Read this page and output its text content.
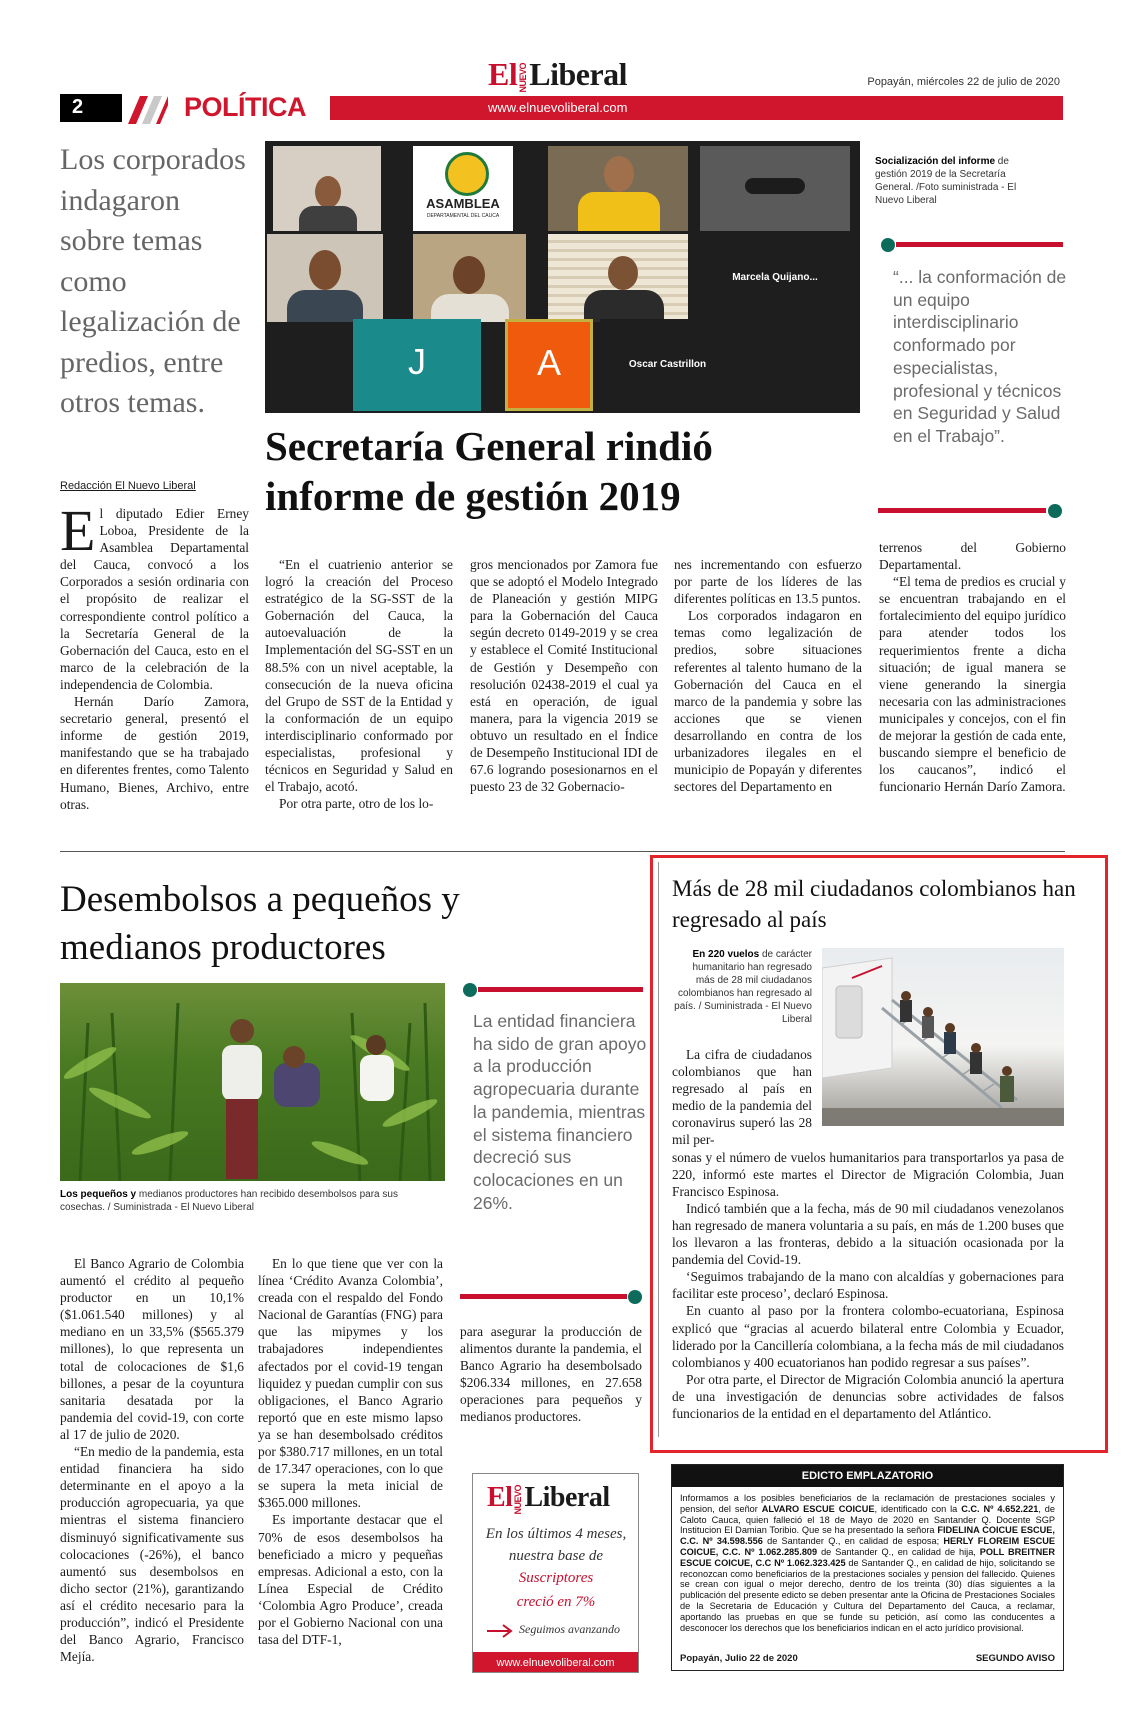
ElNUEVOLiberal	Popayán, miércoles 22 de julio de 2020
2	POLÍTICA	www.elnuevoliberal.com
Los corporados indagaron sobre temas como legalización de predios, entre otros temas.
Redacción El Nuevo Liberal
ASAMBLEA
DEPARTAMENTAL DEL CAUCA
Marcela Quijano...
J	A	Oscar Castrillon
Socialización del informe de gestión 2019 de la Secretaría General. /Foto suministrada - El Nuevo Liberal
“... la conformación de un equipo interdisciplinario conformado por especialistas, profesional y técnicos en Seguridad y Salud en el Trabajo”.
Secretaría General rindió informe de gestión 2019
E l diputado Edier Erney Loboa, Presidente de la Asamblea Departamental del Cauca, convocó a los Corporados a sesión ordinaria con el propósito de realizar el correspondiente control político a la Secretaría General de la Gobernación del Cauca, esto en el marco de la celebración de la independencia de Colombia.

Hernán Darío Zamora, secretario general, presentó el informe de gestión 2019, manifestando que se ha trabajado en diferentes frentes, como Talento Humano, Bienes, Archivo, entre otras.

“En el cuatrienio anterior se logró la creación del Proceso estratégico de la SG-SST de la Gobernación del Cauca, la autoevaluación de la Implementación del SG-SST en un 88.5% con un nivel aceptable, la consecución de la nueva oficina del Grupo de SST de la Entidad y la conformación de un equipo interdisciplinario conformado por especialistas, profesional y técnicos en Seguridad y Salud en el Trabajo, acotó.

Por otra parte, otro de los lo-

gros mencionados por Zamora fue que se adoptó el Modelo Integrado de Planeación y gestión MIPG para la Gobernación del Cauca según decreto 0149-2019 y se crea y establece el Comité Institucional de Gestión y Desempeño con resolución 02438-2019 el cual ya está en operación, de igual manera, para la vigencia 2019 se obtuvo un resultado en el Índice de Desempeño Institucional IDI de 67.6 logrando posesionarnos en el puesto 23 de 32 Gobernacio-

nes incrementando con esfuerzo por parte de los líderes de las diferentes políticas en 13.5 puntos.

Los corporados indagaron en temas como legalización de predios, sobre situaciones referentes al talento humano de la Gobernación del Cauca en el marco de la pandemia y sobre las acciones que se vienen desarrollando en contra de los urbanizadores ilegales en el municipio de Popayán y diferentes sectores del Departamento en

terrenos del Gobierno Departamental.

“El tema de predios es crucial y se encuentran trabajando en el fortalecimiento del equipo jurídico para atender todos los requerimientos frente a dicha situación; de igual manera se viene generando la sinergia necesaria con las administraciones municipales y concejos, con el fin de mejorar la gestión de cada ente, buscando siempre el beneficio de los caucanos”, indicó el funcionario Hernán Darío Zamora.

Desembolsos a pequeños y medianos productores
Los pequeños y medianos productores han recibido desembolsos para sus cosechas. / Suministrada - El Nuevo Liberal
La entidad financiera ha sido de gran apoyo a la producción agropecuaria durante la pandemia, mientras el sistema financiero decreció sus colocaciones en un 26%.

El Banco Agrario de Colombia aumentó el crédito al pequeño productor en un 10,1% ($1.061.540 millones) y al mediano en un 33,5% ($565.379 millones), lo que representa un total de colocaciones de $1,6 billones, a pesar de la coyuntura sanitaria desatada por la pandemia del covid-19, con corte al 17 de julio de 2020.

“En medio de la pandemia, esta entidad financiera ha sido determinante en el apoyo a la producción agropecuaria, ya que mientras el sistema financiero disminuyó significativamente sus colocaciones (-26%), el banco aumentó sus desembolsos en dicho sector (21%), garantizando así el crédito necesario para la producción”, indicó el Presidente del Banco Agrario, Francisco Mejía.

En lo que tiene que ver con la línea ‘Crédito Avanza Colombia’, creada con el respaldo del Fondo Nacional de Garantías (FNG) para que las mipymes y los trabajadores independientes afectados por el covid-19 tengan liquidez y puedan cumplir con sus obligaciones, el Banco Agrario reportó que en este mismo lapso ya se han desembolsado créditos por $380.717 millones, en un total de 17.347 operaciones, con lo que se supera la meta inicial de $365.000 millones.

Es importante destacar que el 70% de esos desembolsos ha beneficiado a micro y pequeñas empresas. Adicional a esto, con la Línea Especial de Crédito ‘Colombia Agro Produce’, creada por el Gobierno Nacional con una tasa del DTF-1,

para asegurar la producción de alimentos durante la pandemia, el Banco Agrario ha desembolsado $206.334 millones, en 27.658 operaciones para pequeños y medianos productores.

Más de 28 mil ciudadanos colombianos han regresado al país
En 220 vuelos de carácter humanitario han regresado más de 28 mil ciudadanos colombianos han regresado al país. / Suministrada - El Nuevo Liberal

La cifra de ciudadanos colombianos que han regresado al país en medio de la pandemia del coronavirus superó las 28 mil per-

sonas y el número de vuelos humanitarios para transportarlos ya pasa de 220, informó este martes el Director de Migración Colombia, Juan Francisco Espinosa.

Indicó también que a la fecha, más de 90 mil ciudadanos venezolanos han regresado de manera voluntaria a su país, en más de 1.200 buses que los llevaron a las fronteras, debido a la situación ocasionada por la pandemia del Covid-19.

‘Seguimos trabajando de la mano con alcaldías y gobernaciones para facilitar este proceso’, declaró Espinosa.

En cuanto al paso por la frontera colombo-ecuatoriana, Espinosa explicó que “gracias al acuerdo bilateral entre Colombia y Ecuador, liderado por la Cancillería colombiana, a la fecha más de mil ciudadanos colombianos y 400 ecuatorianos han podido regresar a sus países”.

Por otra parte, el Director de Migración Colombia anunció la apertura de una investigación de denuncias sobre actividades de falsos funcionarios de la entidad en el departamento del Atlántico.

ElNUEVOLiberal
En los últimos 4 meses,
nuestra base de
Suscriptores
creció en 7%
Seguimos avanzando
www.elnuevoliberal.com
EDICTO EMPLAZATORIO
Informamos a los posibles beneficiarios de la reclamación de prestaciones sociales y pension, del señor ALVARO ESCUE COICUE, identificado con la C.C. Nº 4.652.221, de Caloto Cauca, quien falleció el 18 de Mayo de 2020 en Santander Q. Docente SGP Institucion El Damian Toribio. Que se ha presentado la señora FIDELINA COICUE ESCUE, C.C. Nº 34.598.556 de Santander Q., en calidad de esposa; HERLY FLOREIM ESCUE COICUE, C.C. Nº 1.062.285.809 de Santander Q., en calidad de hija, POLL BREITNER ESCUE COICUE, C.C Nº 1.062.323.425 de Santander Q., en calidad de hijo, solicitando se reconozcan como beneficiarios de la prestaciones sociales y pension del fallecido. Quienes se crean con igual o mejor derecho, dentro de los treinta (30) días siguientes a la publicación del presente edicto se deben presentar ante la Oficina de Prestaciones Sociales de la Secretaria de Educación y Cultura del Departamento del Cauca, a reclamar, aportando las pruebas en que se funde su petición, así como las conducentes a desconocer los derechos que los beneficiarios indican en el acto jurídico provisional.
Popayán, Julio 22 de 2020	SEGUNDO AVISO
